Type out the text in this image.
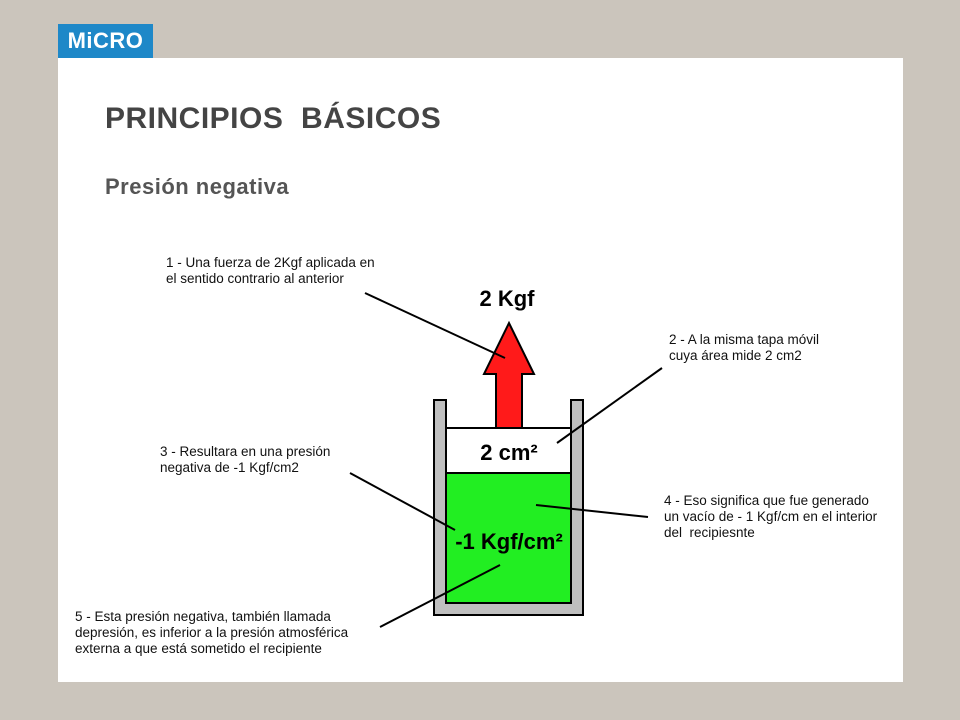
MiCRO
PRINCIPIOS  BÁSICOS
Presión negativa
2 Kgf
2 cm²
-1 Kgf/cm²
1 - Una fuerza de 2Kgf aplicada en
el sentido contrario al anterior
2 - A la misma tapa móvil
cuya área mide 2 cm2
3 - Resultara en una presión
negativa de -1 Kgf/cm2
4 - Eso significa que fue generado
un vacío de - 1 Kgf/cm en el interior
del  recipiesnte
5 - Esta presión negativa, también llamada
depresión, es inferior a la presión atmosférica
externa a que está sometido el recipiente
